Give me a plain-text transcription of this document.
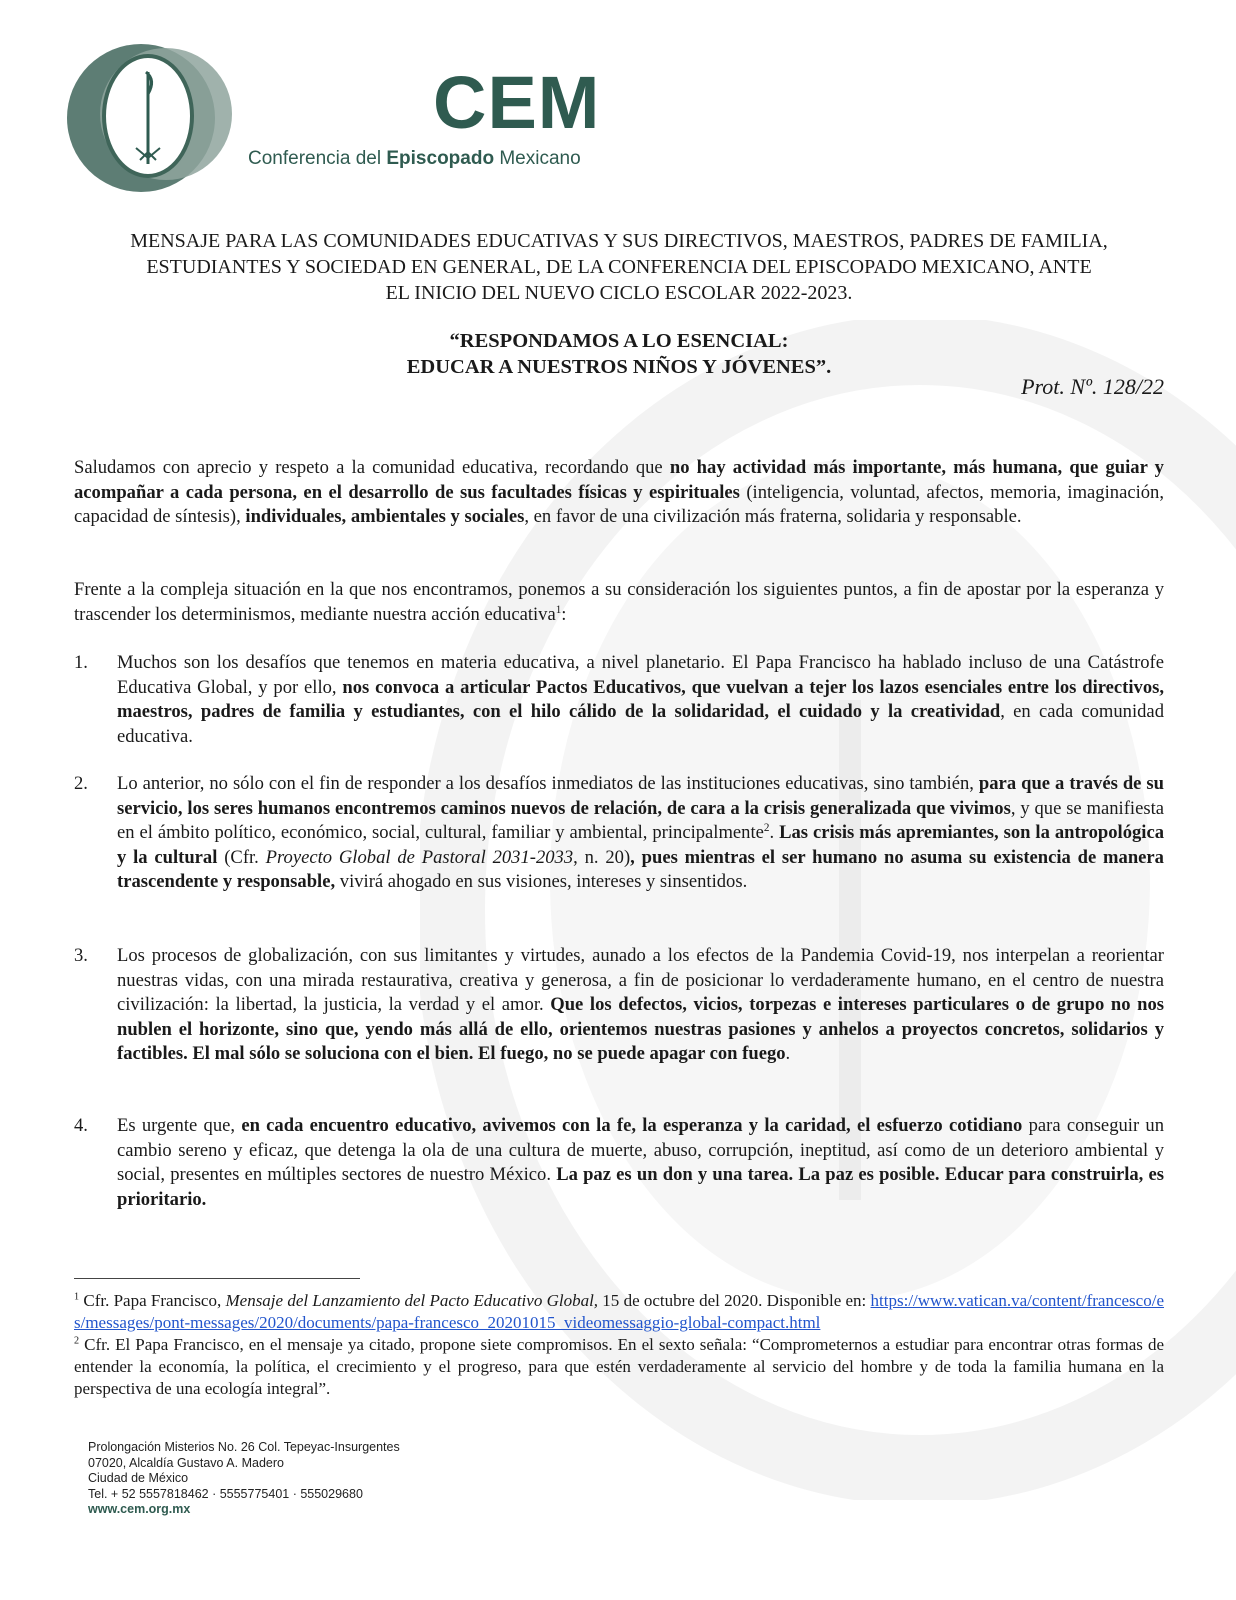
CEM
Conferencia del Episcopado Mexicano
MENSAJE PARA LAS COMUNIDADES EDUCATIVAS Y SUS DIRECTIVOS, MAESTROS, PADRES DE FAMILIA,
ESTUDIANTES Y SOCIEDAD EN GENERAL, DE LA CONFERENCIA DEL EPISCOPADO MEXICANO, ANTE
EL INICIO DEL NUEVO CICLO ESCOLAR 2022-2023.
“RESPONDAMOS A LO ESENCIAL:
EDUCAR A NUESTROS NIÑOS Y JÓVENES”.
Prot. Nº. 128/22
Saludamos con aprecio y respeto a la comunidad educativa, recordando que no hay actividad más importante, más humana, que guiar y acompañar a cada persona, en el desarrollo de sus facultades físicas y espirituales (inteligencia, voluntad, afectos, memoria, imaginación, capacidad de síntesis), individuales, ambientales y sociales, en favor de una civilización más fraterna, solidaria y responsable.
Frente a la compleja situación en la que nos encontramos, ponemos a su consideración los siguientes puntos, a fin de apostar por la esperanza y trascender los determinismos, mediante nuestra acción educativa$^1$:
1. Muchos son los desafíos que tenemos en materia educativa, a nivel planetario. El Papa Francisco ha hablado incluso de una Catástrofe Educativa Global, y por ello, nos convoca a articular Pactos Educativos, que vuelvan a tejer los lazos esenciales entre los directivos, maestros, padres de familia y estudiantes, con el hilo cálido de la solidaridad, el cuidado y la creatividad, en cada comunidad educativa.
2. Lo anterior, no sólo con el fin de responder a los desafíos inmediatos de las instituciones educativas, sino también, para que a través de su servicio, los seres humanos encontremos caminos nuevos de relación, de cara a la crisis generalizada que vivimos, y que se manifiesta en el ámbito político, económico, social, cultural, familiar y ambiental, principalmente$^2$. Las crisis más apremiantes, son la antropológica y la cultural (Cfr. Proyecto Global de Pastoral 2031-2033, n. 20), pues mientras el ser humano no asuma su existencia de manera trascendente y responsable, vivirá ahogado en sus visiones, intereses y sinsentidos.
3. Los procesos de globalización, con sus limitantes y virtudes, aunado a los efectos de la Pandemia Covid-19, nos interpelan a reorientar nuestras vidas, con una mirada restaurativa, creativa y generosa, a fin de posicionar lo verdaderamente humano, en el centro de nuestra civilización: la libertad, la justicia, la verdad y el amor. Que los defectos, vicios, torpezas e intereses particulares o de grupo no nos nublen el horizonte, sino que, yendo más allá de ello, orientemos nuestras pasiones y anhelos a proyectos concretos, solidarios y factibles. El mal sólo se soluciona con el bien. El fuego, no se puede apagar con fuego.
4. Es urgente que, en cada encuentro educativo, avivemos con la fe, la esperanza y la caridad, el esfuerzo cotidiano para conseguir un cambio sereno y eficaz, que detenga la ola de una cultura de muerte, abuso, corrupción, ineptitud, así como de un deterioro ambiental y social, presentes en múltiples sectores de nuestro México. La paz es un don y una tarea. La paz es posible. Educar para construirla, es prioritario.

$^1$ Cfr. Papa Francisco, Mensaje del Lanzamiento del Pacto Educativo Global, 15 de octubre del 2020. Disponible en: https://www.vatican.va/content/francesco/es/messages/pont-messages/2020/documents/papa-francesco_20201015_videomessaggio-global-compact.html

$^2$ Cfr. El Papa Francisco, en el mensaje ya citado, propone siete compromisos. En el sexto señala: “Comprometernos a estudiar para encontrar otras formas de entender la economía, la política, el crecimiento y el progreso, para que estén verdaderamente al servicio del hombre y de toda la familia humana en la perspectiva de una ecología integral”.

Prolongación Misterios No. 26 Col. Tepeyac-Insurgentes
07020, Alcaldía Gustavo A. Madero
Ciudad de México
Tel. + 52 5557818462 · 5555775401 · 555029680
www.cem.org.mx
